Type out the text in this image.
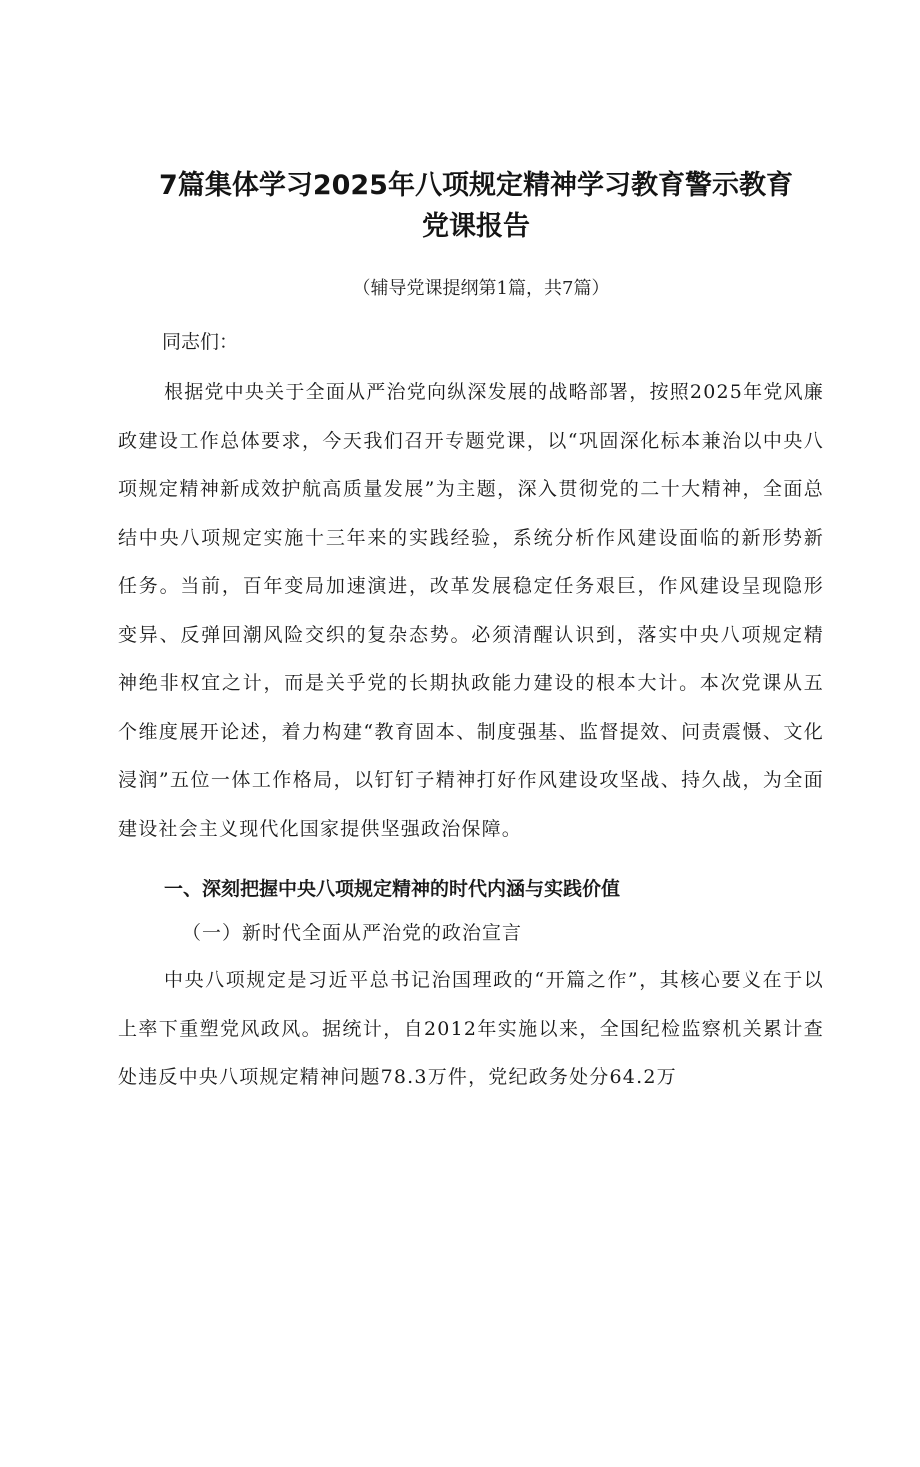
7篇集体学习2025年八项规定精神学习教育警示教育
党课报告
（辅导党课提纲第1篇，共7篇）
同志们：

根据党中央关于全面从严治党向纵深发展的战略部署，按照2025年党风廉政建设工作总体要求，今天我们召开专题党课，以“巩固深化标本兼治以中央八项规定精神新成效护航高质量发展”为主题，深入贯彻党的二十大精神，全面总结中央八项规定实施十三年来的实践经验，系统分析作风建设面临的新形势新任务。当前，百年变局加速演进，改革发展稳定任务艰巨，作风建设呈现隐形变异、反弹回潮风险交织的复杂态势。必须清醒认识到，落实中央八项规定精神绝非权宜之计，而是关乎党的长期执政能力建设的根本大计。本次党课从五个维度展开论述，着力构建“教育固本、制度强基、监督提效、问责震慑、文化浸润”五位一体工作格局，以钉钉子精神打好作风建设攻坚战、持久战，为全面建设社会主义现代化国家提供坚强政治保障。

一、深刻把握中央八项规定精神的时代内涵与实践价值
（一）新时代全面从严治党的政治宣言

中央八项规定是习近平总书记治国理政的“开篇之作”，其核心要义在于以上率下重塑党风政风。据统计，自2012年实施以来，全国纪检监察机关累计查处违反中央八项规定精神问题78.3万件，党纪政务处分64.2万
